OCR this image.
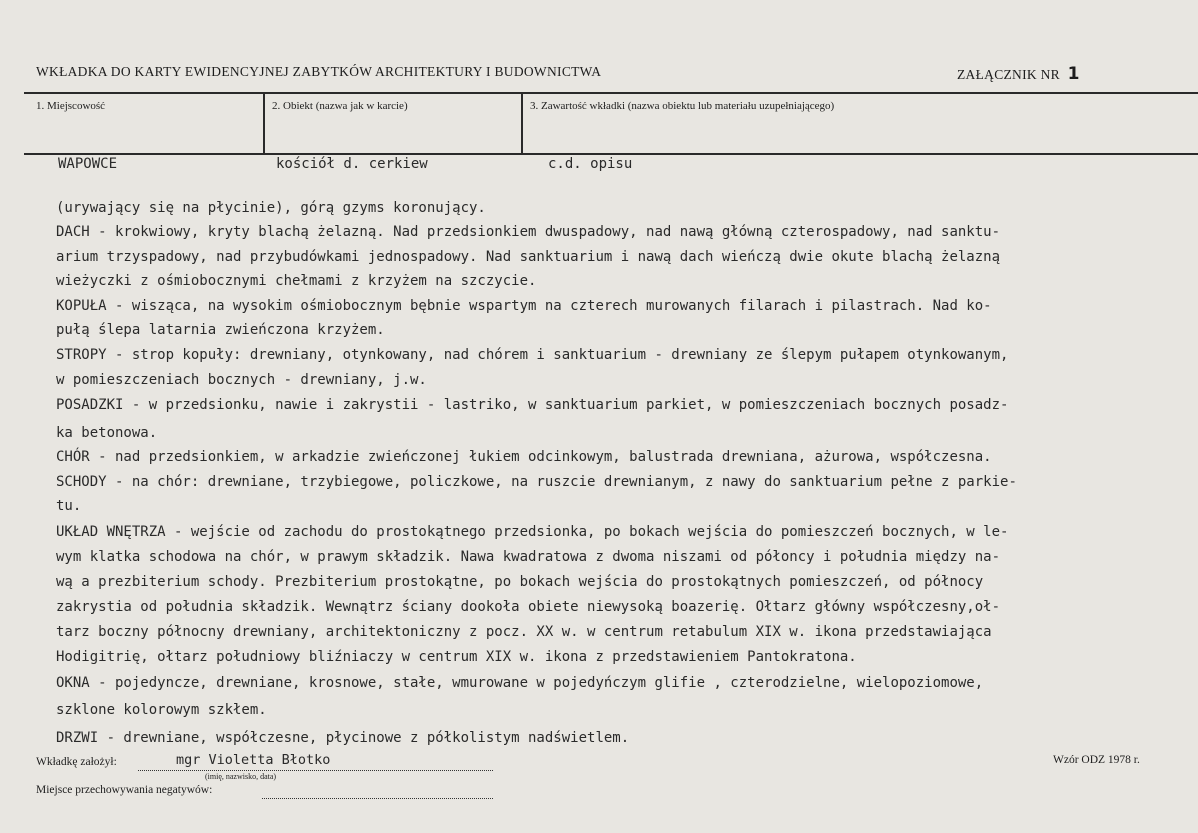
WKŁADKA DO KARTY EWIDENCYJNEJ ZABYTKÓW ARCHITEKTURY I BUDOWNICTWA	ZAŁĄCZNIK NR 1
1. Miejscowość	2. Obiekt (nazwa jak w karcie)	3. Zawartość wkładki (nazwa obiektu lub materiału uzupełniającego)
WAPOWCE	kościół d. cerkiew	c.d. opisu
(urywający się na płycinie), górą gzyms koronujący.
DACH - krokwiowy, kryty blachą żelazną. Nad przedsionkiem dwuspadowy, nad nawą główną czterospadowy, nad sanktu-
arium trzyspadowy, nad przybudówkami jednospadowy. Nad sanktuarium i nawą dach wieńczą dwie okute blachą żelazną
wieżyczki z ośmiobocznymi chełmami z krzyżem na szczycie.
KOPUŁA - wisząca, na wysokim ośmiobocznym bębnie wspartym na czterech murowanych filarach i pilastrach. Nad ko-
pułą ślepa latarnia zwieńczona krzyżem.
STROPY - strop kopuły: drewniany, otynkowany, nad chórem i sanktuarium - drewniany ze ślepym pułapem otynkowanym,
w pomieszczeniach bocznych - drewniany, j.w.
POSADZKI - w przedsionku, nawie i zakrystii - lastriko, w sanktuarium parkiet, w pomieszczeniach bocznych posadz-
ka betonowa.
CHÓR - nad przedsionkiem, w arkadzie zwieńczonej łukiem odcinkowym, balustrada drewniana, ażurowa, współczesna.
SCHODY - na chór: drewniane, trzybiegowe, policzkowe, na ruszcie drewnianym, z nawy do sanktuarium pełne z parkie-
tu.
UKŁAD WNĘTRZA - wejście od zachodu do prostokątnego przedsionka, po bokach wejścia do pomieszczeń bocznych, w le-
wym klatka schodowa na chór, w prawym składzik. Nawa kwadratowa z dwoma niszami od półoncy i południa między na-
wą a prezbiterium schody. Prezbiterium prostokątne, po bokach wejścia do prostokątnych pomieszczeń, od północy
zakrystia od południa składzik. Wewnątrz ściany dookoła obiete niewysoką boazerię. Ołtarz główny współczesny,oł-
tarz boczny północny drewniany, architektoniczny z pocz. XX w. w centrum retabulum XIX w. ikona przedstawiająca
Hodigitrię, ołtarz południowy bliźniaczy w centrum XIX w. ikona z przedstawieniem Pantokratona.
OKNA - pojedyncze, drewniane, krosnowe, stałe, wmurowane w pojedyńczym glifie , czterodzielne, wielopoziomowe,
szklone kolorowym szkłem.
DRZWI - drewniane, współczesne, płycinowe z półkolistym nadświetlem.
Wkładkę założył:	mgr Violetta Błotko
(imię, nazwisko, data)
Miejsce przechowywania negatywów:
Wzór ODZ 1978 r.
